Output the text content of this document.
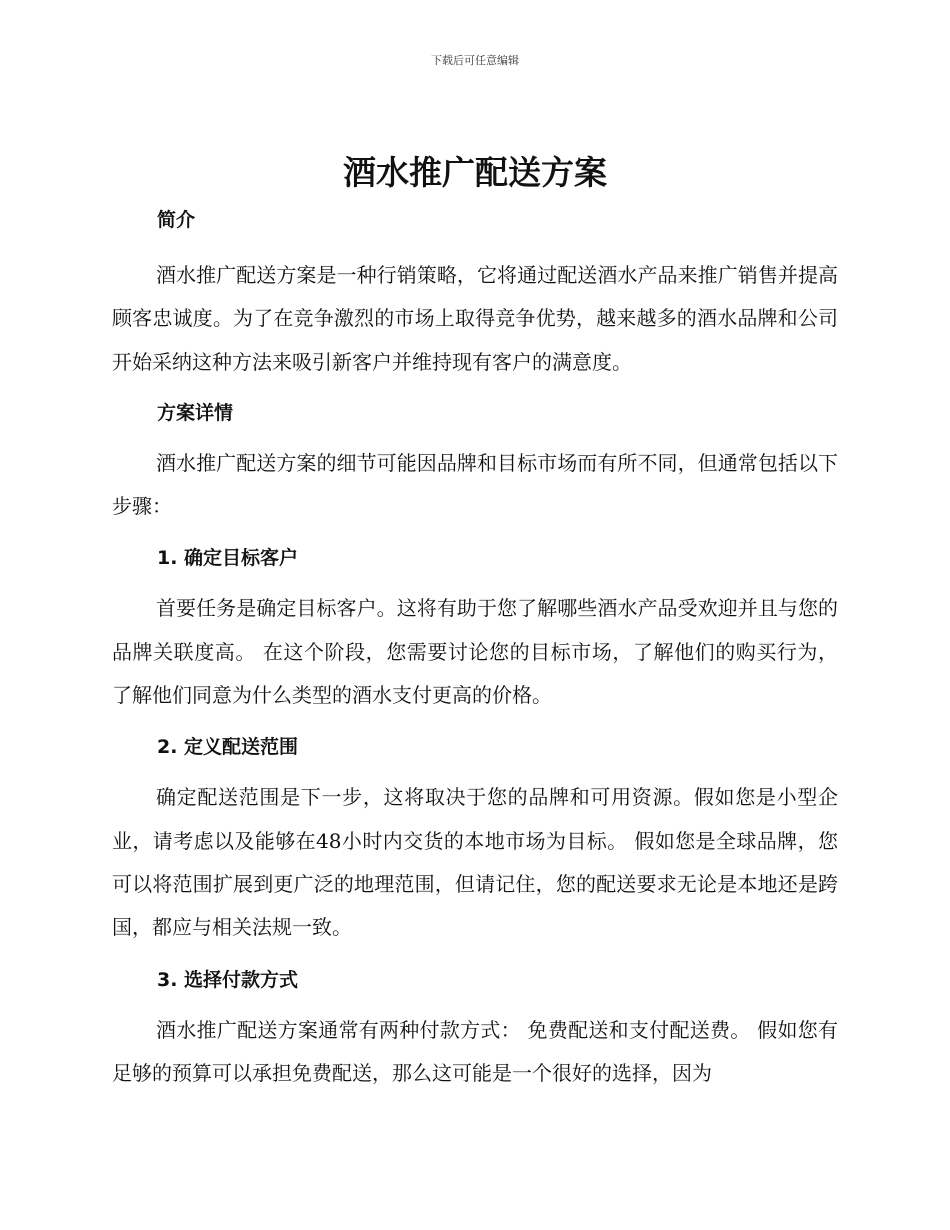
下载后可任意编辑
酒水推广配送方案
简介

酒水推广配送方案是一种行销策略，它将通过配送酒水产品来推广销售并提高顾客忠诚度。为了在竞争激烈的市场上取得竞争优势，越来越多的酒水品牌和公司开始采纳这种方法来吸引新客户并维持现有客户的满意度。

方案详情

酒水推广配送方案的细节可能因品牌和目标市场而有所不同，但通常包括以下步骤：

1. 确定目标客户

首要任务是确定目标客户。这将有助于您了解哪些酒水产品受欢迎并且与您的品牌关联度高。 在这个阶段，您需要讨论您的目标市场，了解他们的购买行为，了解他们同意为什么类型的酒水支付更高的价格。

2. 定义配送范围

确定配送范围是下一步，这将取决于您的品牌和可用资源。假如您是小型企业，请考虑以及能够在48小时内交货的本地市场为目标。 假如您是全球品牌，您可以将范围扩展到更广泛的地理范围，但请记住，您的配送要求无论是本地还是跨国，都应与相关法规一致。

3. 选择付款方式

酒水推广配送方案通常有两种付款方式： 免费配送和支付配送费。 假如您有足够的预算可以承担免费配送，那么这可能是一个很好的选择，因为
